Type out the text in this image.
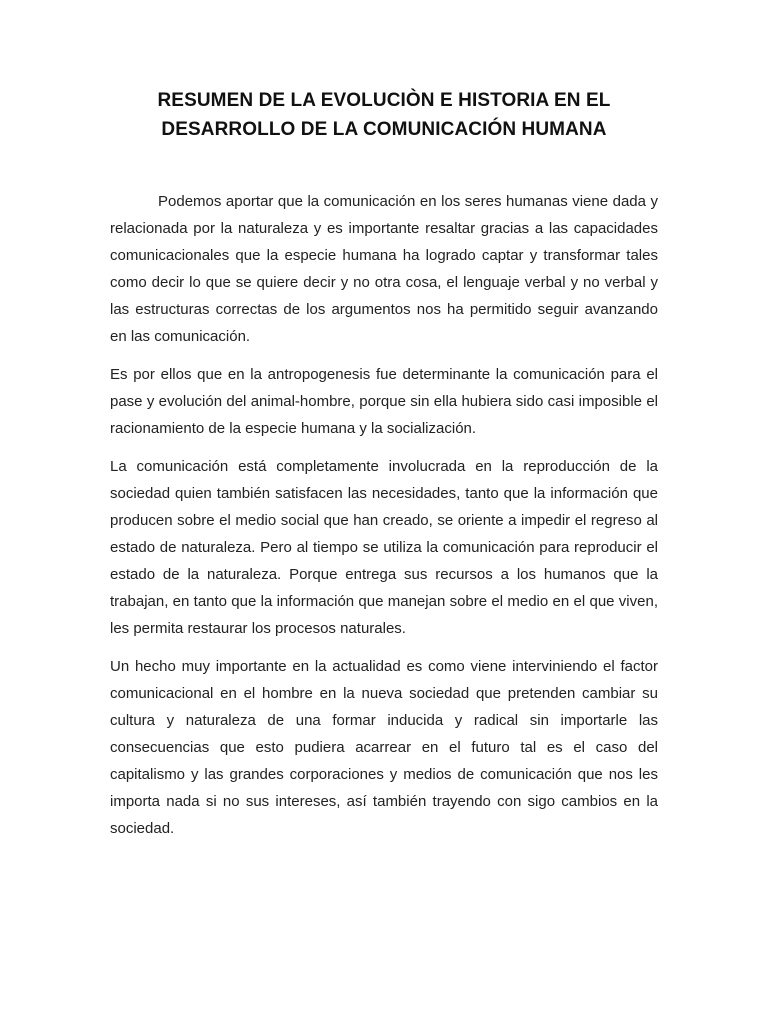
RESUMEN DE LA EVOLUCIÒN E HISTORIA EN EL
DESARROLLO DE LA COMUNICACIÓN HUMANA

Podemos aportar que la comunicación en los seres humanas viene dada y relacionada por la naturaleza y es importante resaltar gracias a las capacidades comunicacionales que la especie humana ha logrado captar y transformar tales como decir lo que se quiere decir y no otra cosa, el lenguaje verbal y no verbal y las estructuras correctas de los argumentos nos ha permitido seguir avanzando en las comunicación.

Es por ellos que en la antropogenesis fue determinante la comunicación para el pase y evolución del animal-hombre, porque sin ella hubiera sido casi imposible el racionamiento de la especie humana y la socialización.

La comunicación está completamente involucrada en la reproducción de la sociedad quien también satisfacen las necesidades, tanto que la información que producen sobre el medio social que han creado, se oriente a impedir el regreso al estado de naturaleza. Pero al tiempo se utiliza la comunicación para reproducir el estado de la naturaleza. Porque entrega sus recursos a los humanos que la trabajan, en tanto que la información que manejan sobre el medio en el que viven, les permita restaurar los procesos naturales.

Un hecho muy importante en la actualidad es como viene interviniendo el factor comunicacional en el hombre en la nueva sociedad que pretenden cambiar su cultura y naturaleza de una formar inducida y radical sin importarle las consecuencias que esto pudiera acarrear en el futuro tal es el caso del capitalismo y las grandes corporaciones y medios de comunicación que nos les importa nada si no sus intereses, así también trayendo con sigo cambios en la sociedad.
